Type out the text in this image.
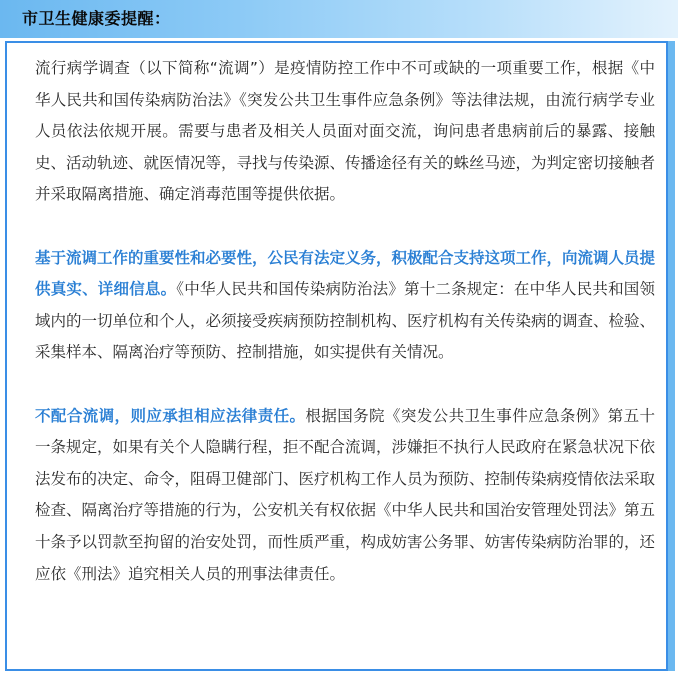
市卫生健康委提醒：

流行病学调查（以下简称“流调”）是疫情防控工作中不可或缺的一项重要工作，根据《中华人民共和国传染病防治法》《突发公共卫生事件应急条例》等法律法规，由流行病学专业人员依法依规开展。需要与患者及相关人员面对面交流，询问患者患病前后的暴露、接触史、活动轨迹、就医情况等，寻找与传染源、传播途径有关的蛛丝马迹，为判定密切接触者并采取隔离措施、确定消毒范围等提供依据。

基于流调工作的重要性和必要性，公民有法定义务，积极配合支持这项工作，向流调人员提供真实、详细信息。《中华人民共和国传染病防治法》第十二条规定：在中华人民共和国领域内的一切单位和个人，必须接受疾病预防控制机构、医疗机构有关传染病的调查、检验、采集样本、隔离治疗等预防、控制措施，如实提供有关情况。

不配合流调，则应承担相应法律责任。根据国务院《突发公共卫生事件应急条例》第五十一条规定，如果有关个人隐瞒行程，拒不配合流调，涉嫌拒不执行人民政府在紧急状况下依法发布的决定、命令，阻碍卫健部门、医疗机构工作人员为预防、控制传染病疫情依法采取检查、隔离治疗等措施的行为，公安机关有权依据《中华人民共和国治安管理处罚法》第五十条予以罚款至拘留的治安处罚，而性质严重，构成妨害公务罪、妨害传染病防治罪的，还应依《刑法》追究相关人员的刑事法律责任。
